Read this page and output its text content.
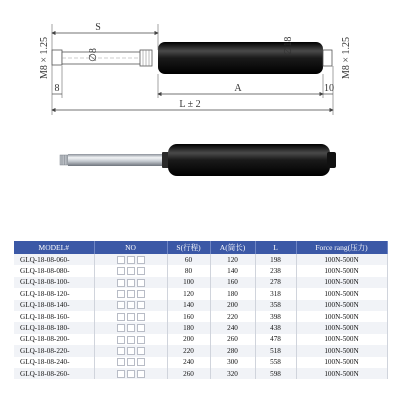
M8 × 1.25	∅8	∅18	M8 × 1.25
S
8	A	10
L ± 2
MODEL#	NO	S(行程)	A(筒长)	L	Force rang(压力)
GLQ-18-08-060-		60	120	198	100N-500N
GLQ-18-08-080-		80	140	238	100N-500N
GLQ-18-08-100-		100	160	278	100N-500N
GLQ-18-08-120-		120	180	318	100N-500N
GLQ-18-08-140-		140	200	358	100N-500N
GLQ-18-08-160-		160	220	398	100N-500N
GLQ-18-08-180-		180	240	438	100N-500N
GLQ-18-08-200-		200	260	478	100N-500N
GLQ-18-08-220-		220	280	518	100N-500N
GLQ-18-08-240-		240	300	558	100N-500N
GLQ-18-08-260-		260	320	598	100N-500N
